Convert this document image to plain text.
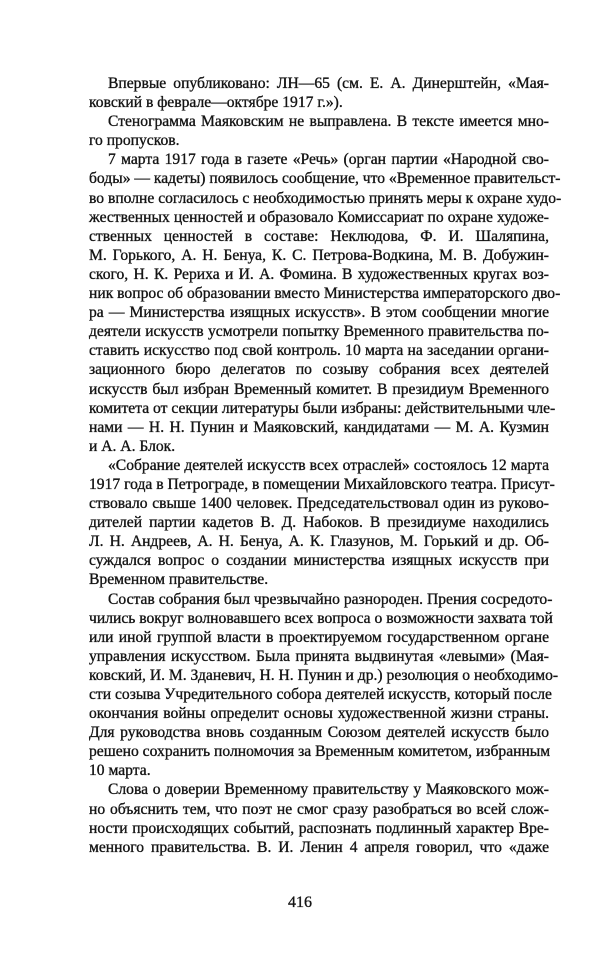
Впервые опубликовано: ЛН—65 (см. Е. А. Динерштейн, «Мая-
ковский в феврале—октябре 1917 г.»).
Стенограмма Маяковским не выправлена. В тексте имеется мно-
го пропусков.
7 марта 1917 года в газете «Речь» (орган партии «Народной сво-
боды» — кадеты) появилось сообщение, что «Временное правительст-
во вполне согласилось с необходимостью принять меры к охране худо-
жественных ценностей и образовало Комиссариат по охране художе-
ственных ценностей в составе: Неклюдова, Ф. И. Шаляпина,
М. Горького, А. Н. Бенуа, К. С. Петрова-Водкина, М. В. Добужин-
ского, Н. К. Рериха и И. А. Фомина. В художественных кругах воз-
ник вопрос об образовании вместо Министерства императорского дво-
ра — Министерства изящных искусств». В этом сообщении многие
деятели искусств усмотрели попытку Временного правительства по-
ставить искусство под свой контроль. 10 марта на заседании органи-
зационного бюро делегатов по созыву собрания всех деятелей
искусств был избран Временный комитет. В президиум Временного
комитета от секции литературы были избраны: действительными чле-
нами — Н. Н. Пунин и Маяковский, кандидатами — М. А. Кузмин
и А. А. Блок.
«Собрание деятелей искусств всех отраслей» состоялось 12 марта
1917 года в Петрограде, в помещении Михайловского театра. Присут-
ствовало свыше 1400 человек. Председательствовал один из руково-
дителей партии кадетов В. Д. Набоков. В президиуме находились
Л. Н. Андреев, А. Н. Бенуа, А. К. Глазунов, М. Горький и др. Об-
суждался вопрос о создании министерства изящных искусств при
Временном правительстве.
Состав собрания был чрезвычайно разнороден. Прения сосредото-
чились вокруг волновавшего всех вопроса о возможности захвата той
или иной группой власти в проектируемом государственном органе
управления искусством. Была принята выдвинутая «левыми» (Мая-
ковский, И. М. Зданевич, Н. Н. Пунин и др.) резолюция о необходимо-
сти созыва Учредительного собора деятелей искусств, который после
окончания войны определит основы художественной жизни страны.
Для руководства вновь созданным Союзом деятелей искусств было
решено сохранить полномочия за Временным комитетом, избранным
10 марта.
Слова о доверии Временному правительству у Маяковского мож-
но объяснить тем, что поэт не смог сразу разобраться во всей слож-
ности происходящих событий, распознать подлинный характер Вре-
менного правительства. В. И. Ленин 4 апреля говорил, что «даже
416
